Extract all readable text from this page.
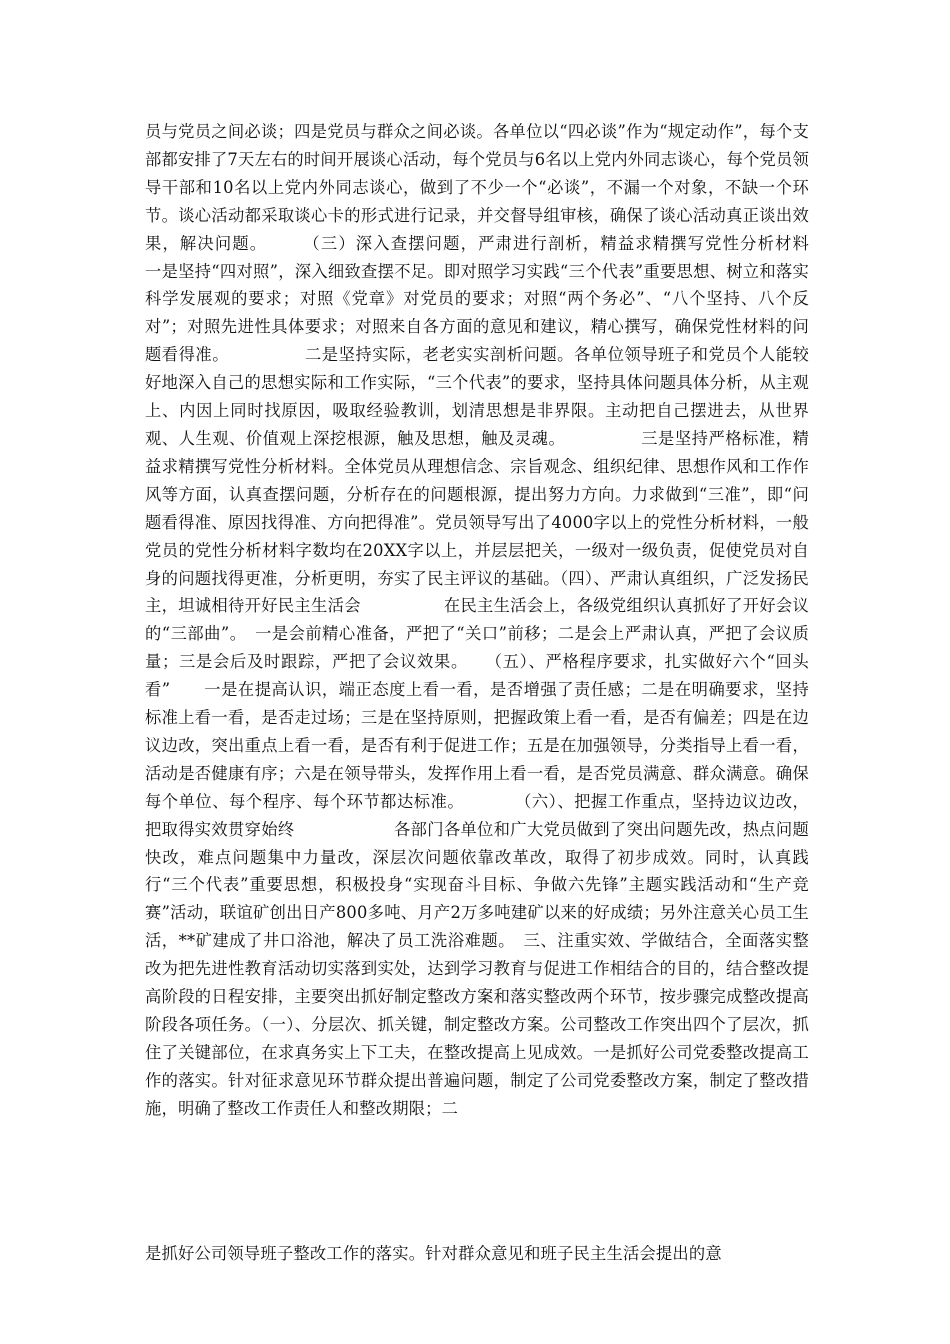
员与党员之间必谈；四是党员与群众之间必谈。各单位以“四必谈”作为“规定动作”，每个支部都安排了7天左右的时间开展谈心活动，每个党员与6名以上党内外同志谈心，每个党员领导干部和10名以上党内外同志谈心，做到了不少一个“必谈”，不漏一个对象，不缺一个环节。谈心活动都采取谈心卡的形式进行记录，并交督导组审核，确保了谈心活动真正谈出效果，解决问题。　　　（三）深入查摆问题，严肃进行剖析，精益求精撰写党性分析材料　　　一是坚持“四对照”，深入细致查摆不足。即对照学习实践“三个代表”重要思想、树立和落实科学发展观的要求；对照《党章》对党员的要求；对照“两个务必”、“八个坚持、八个反对”；对照先进性具体要求；对照来自各方面的意见和建议，精心撰写，确保党性材料的问题看得准。　　　　　二是坚持实际，老老实实剖析问题。各单位领导班子和党员个人能较好地深入自己的思想实际和工作实际，“三个代表”的要求，坚持具体问题具体分析，从主观上、内因上同时找原因，吸取经验教训，划清思想是非界限。主动把自己摆进去，从世界观、人生观、价值观上深挖根源，触及思想，触及灵魂。　　　　　三是坚持严格标准，精益求精撰写党性分析材料。全体党员从理想信念、宗旨观念、组织纪律、思想作风和工作作风等方面，认真查摆问题，分析存在的问题根源，提出努力方向。力求做到“三准”，即“问题看得准、原因找得准、方向把得准”。党员领导写出了4000字以上的党性分析材料，一般党员的党性分析材料字数均在20XX字以上，并层层把关，一级对一级负责，促使党员对自身的问题找得更准，分析更明，夯实了民主评议的基础。（四）、严肃认真组织，广泛发扬民主，坦诚相待开好民主生活会　　　　　在民主生活会上，各级党组织认真抓好了开好会议的“三部曲”。　一是会前精心准备，严把了“关口”前移；二是会上严肃认真，严把了会议质量；三是会后及时跟踪，严把了会议效果。　　（五）、严格程序要求，扎实做好六个“回头看”　　一是在提高认识，端正态度上看一看，是否增强了责任感；二是在明确要求，坚持标准上看一看，是否走过场；三是在坚持原则，把握政策上看一看，是否有偏差；四是在边议边改，突出重点上看一看，是否有利于促进工作；五是在加强领导，分类指导上看一看，活动是否健康有序；六是在领导带头，发挥作用上看一看，是否党员满意、群众满意。确保每个单位、每个程序、每个环节都达标准。　　　　（六）、把握工作重点，坚持边议边改，把取得实效贯穿始终　　　　　　各部门各单位和广大党员做到了突出问题先改，热点问题快改，难点问题集中力量改，深层次问题依靠改革改，取得了初步成效。同时，认真践行“三个代表”重要思想，积极投身“实现奋斗目标、争做六先锋”主题实践活动和“生产竞赛”活动，联谊矿创出日产800多吨、月产2万多吨建矿以来的好成绩；另外注意关心员工生活，**矿建成了井口浴池，解决了员工洗浴难题。　三、注重实效、学做结合，全面落实整改为把先进性教育活动切实落到实处，达到学习教育与促进工作相结合的目的，结合整改提高阶段的日程安排，主要突出抓好制定整改方案和落实整改两个环节，按步骤完成整改提高阶段各项任务。（一）、分层次、抓关键，制定整改方案。公司整改工作突出四个了层次，抓住了关键部位，在求真务实上下工夫，在整改提高上见成效。一是抓好公司党委整改提高工作的落实。针对征求意见环节群众提出普遍问题，制定了公司党委整改方案，制定了整改措施，明确了整改工作责任人和整改期限；二

是抓好公司领导班子整改工作的落实。针对群众意见和班子民主生活会提出的意
